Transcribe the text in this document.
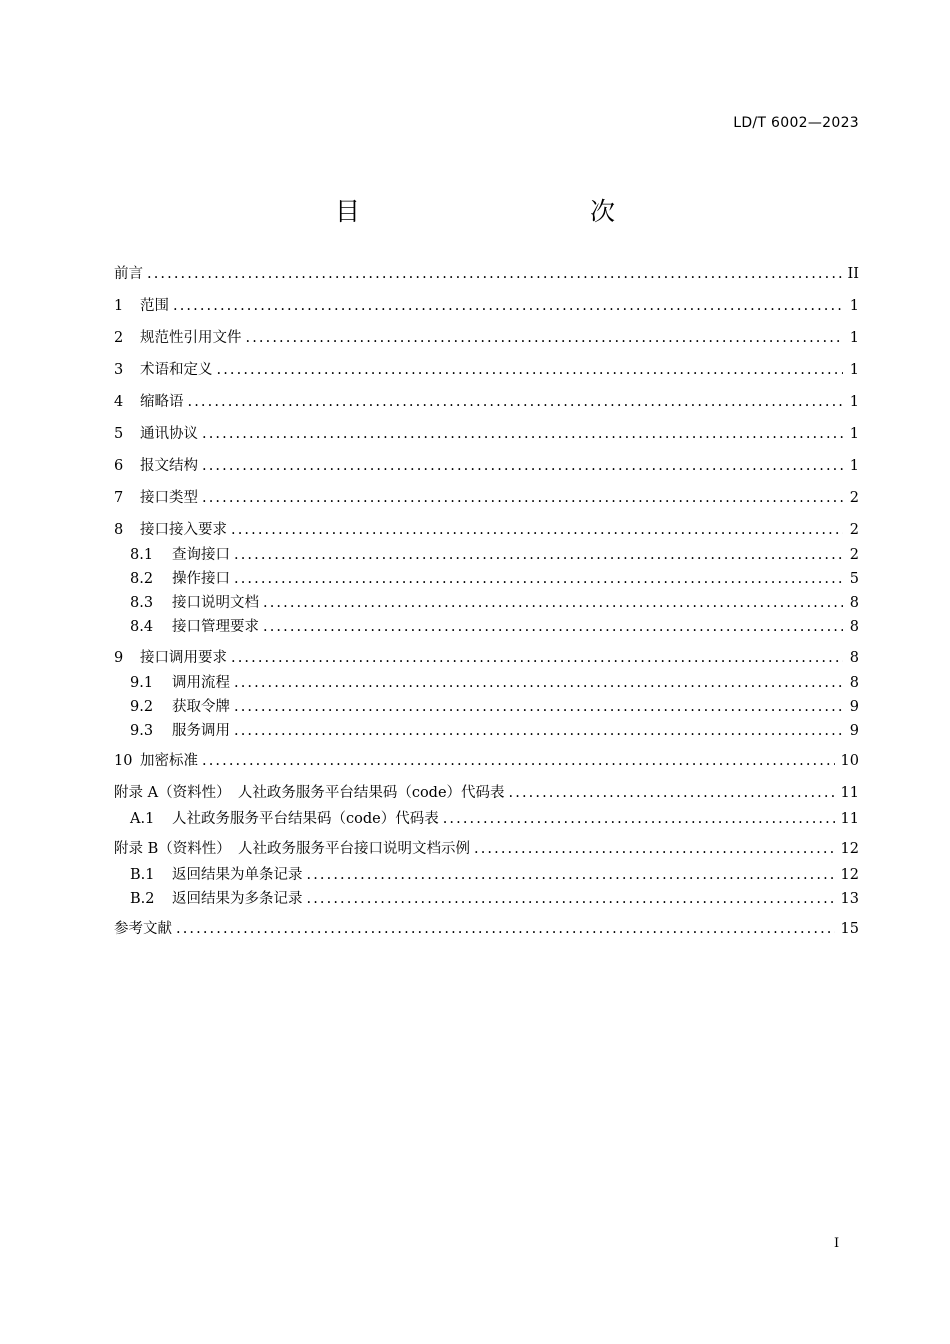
LD/T 6002—2023
目　　次
前言 .....	II
1	范围 .....	1
2	规范性引用文件 .....	1
3	术语和定义 .....	1
4	缩略语 .....	1
5	通讯协议 .....	1
6	报文结构 .....	1
7	接口类型 .....	2
8	接口接入要求 .....	2
8.1	查询接口 .....	2
8.2	操作接口 .....	5
8.3	接口说明文档 .....	8
8.4	接口管理要求 .....	8
9	接口调用要求 .....	8
9.1	调用流程 .....	8
9.2	获取令牌 .....	9
9.3	服务调用 .....	9
10 加密标准 .....	10
附录 A（资料性）　人社政务服务平台结果码（code）代码表 .....	11
A.1	人社政务服务平台结果码（code）代码表 .....	11
附录 B（资料性）　人社政务服务平台接口说明文档示例 .....	12
B.1	返回结果为单条记录 .....	12
B.2	返回结果为多条记录 .....	13
参考文献 .....	15
I
